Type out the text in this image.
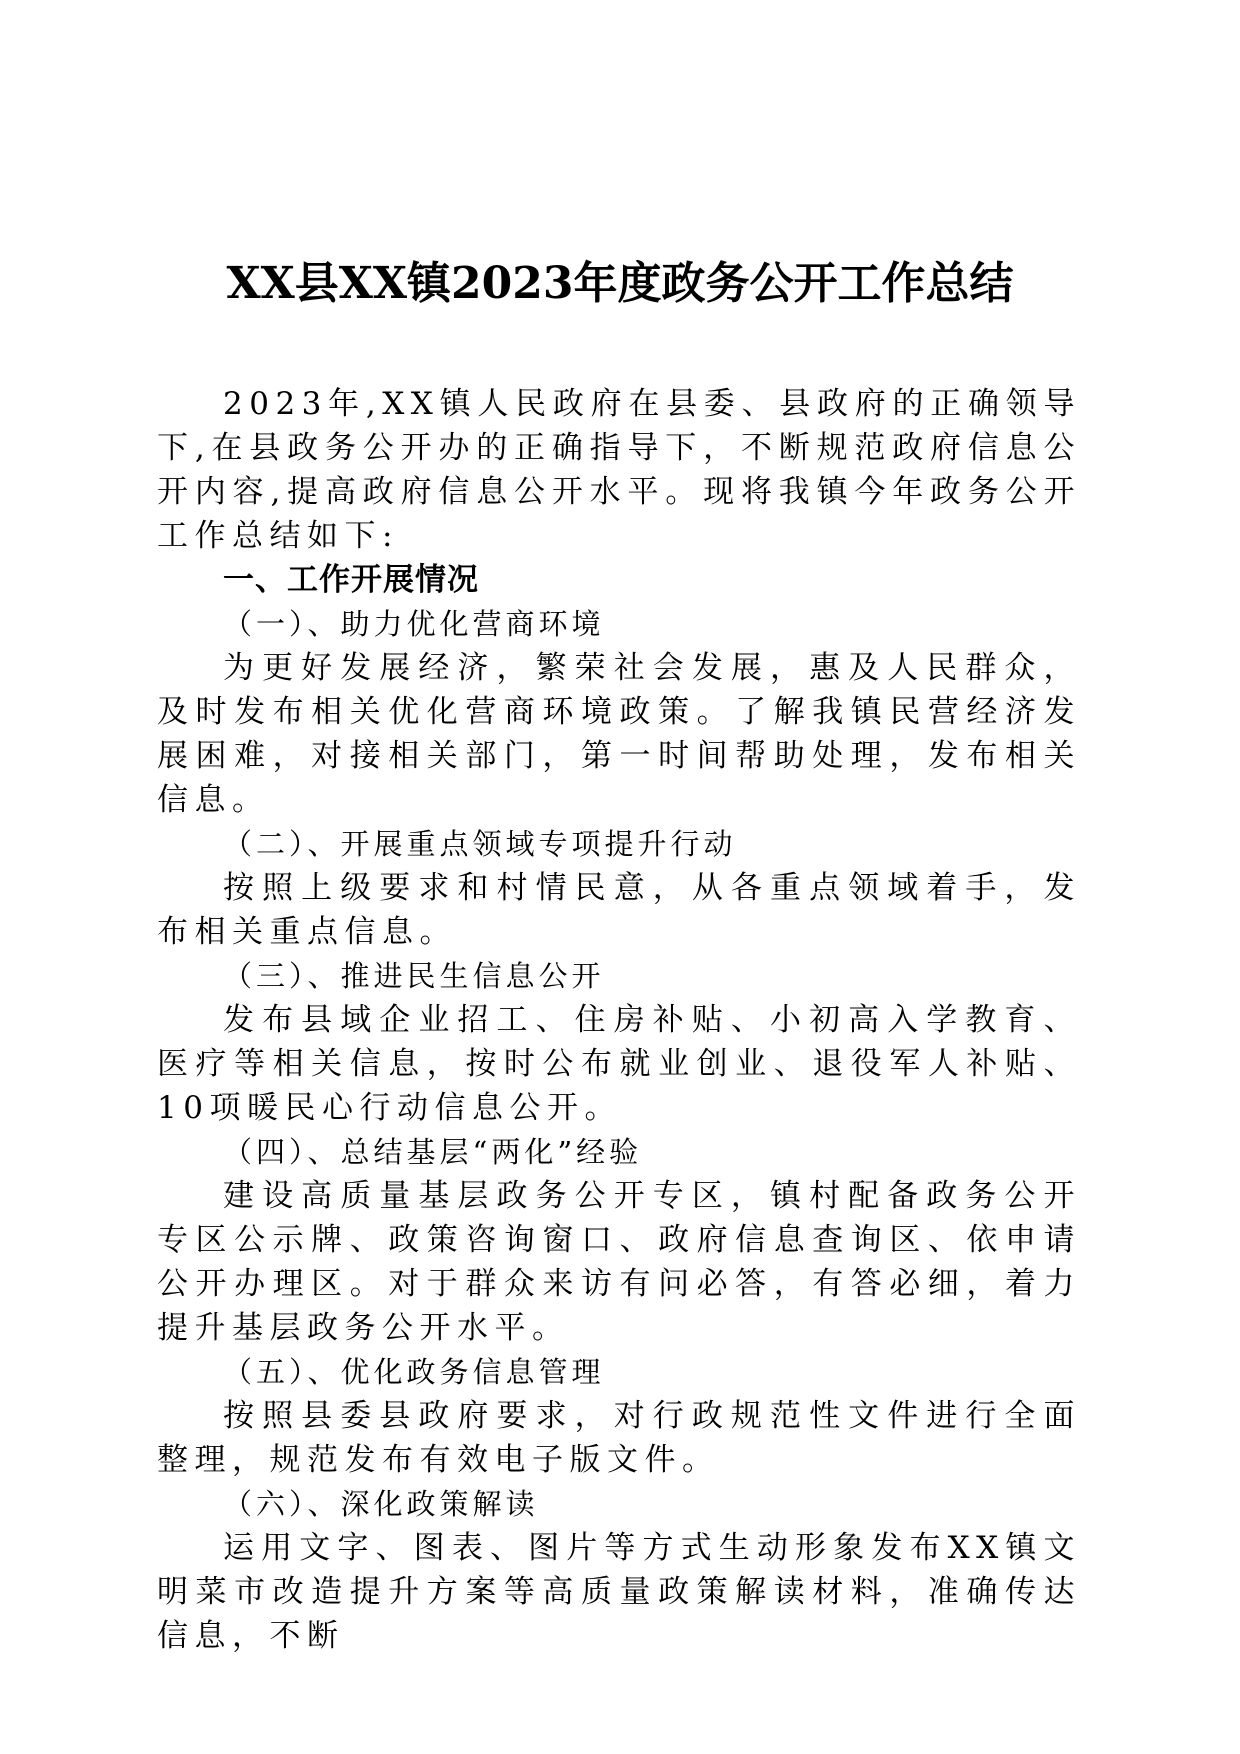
XX县XX镇2023年度政务公开工作总结

2023年,XX镇人民政府在县委、县政府的正确领导下,在县政务公开办的正确指导下，不断规范政府信息公开内容,提高政府信息公开水平。现将我镇今年政务公开工作总结如下:

一、工作开展情况

（一）、助力优化营商环境

为更好发展经济，繁荣社会发展，惠及人民群众，及时发布相关优化营商环境政策。了解我镇民营经济发展困难，对接相关部门，第一时间帮助处理，发布相关信息。

（二）、开展重点领域专项提升行动

按照上级要求和村情民意，从各重点领域着手，发布相关重点信息。

（三）、推进民生信息公开

发布县域企业招工、住房补贴、小初高入学教育、医疗等相关信息，按时公布就业创业、退役军人补贴、10项暖民心行动信息公开。

（四）、总结基层“两化”经验

建设高质量基层政务公开专区，镇村配备政务公开专区公示牌、政策咨询窗口、政府信息查询区、依申请公开办理区。对于群众来访有问必答，有答必细，着力提升基层政务公开水平。

（五）、优化政务信息管理

按照县委县政府要求，对行政规范性文件进行全面整理，规范发布有效电子版文件。

（六）、深化政策解读

运用文字、图表、图片等方式生动形象发布XX镇文明菜市改造提升方案等高质量政策解读材料，准确传达信息，不断
